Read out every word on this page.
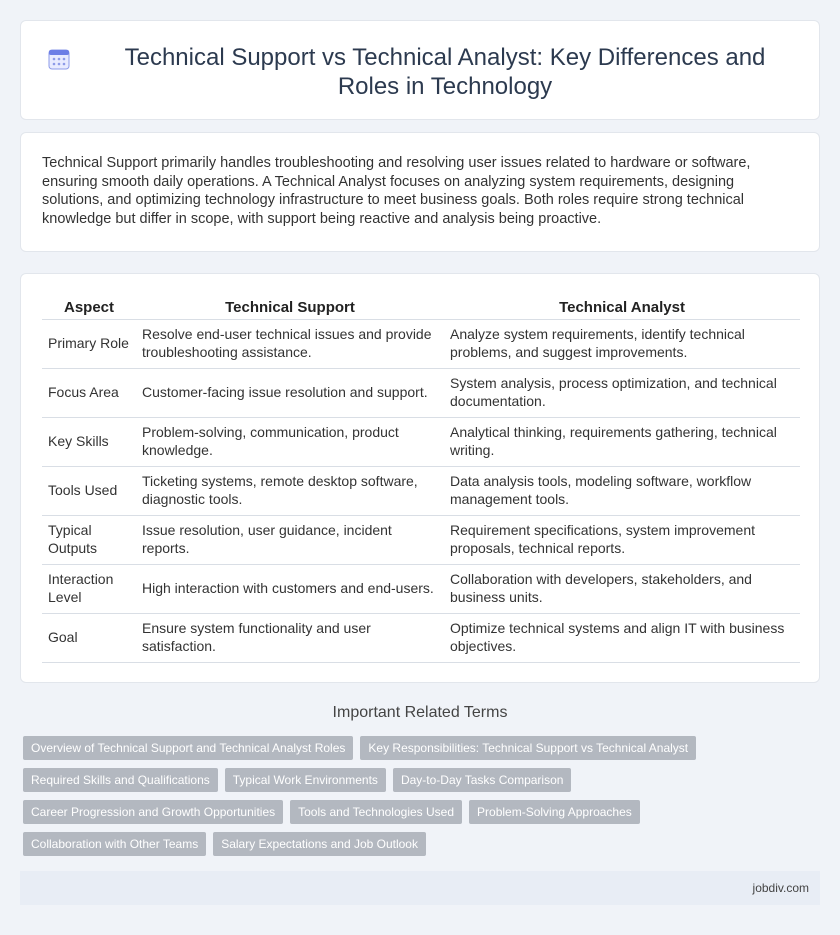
Technical Support vs Technical Analyst: Key Differences and Roles in Technology

Technical Support primarily handles troubleshooting and resolving user issues related to hardware or software, ensuring smooth daily operations. A Technical Analyst focuses on analyzing system requirements, designing solutions, and optimizing technology infrastructure to meet business goals. Both roles require strong technical knowledge but differ in scope, with support being reactive and analysis being proactive.

Aspect	Technical Support	Technical Analyst
Primary Role	Resolve end-user technical issues and provide troubleshooting assistance.	Analyze system requirements, identify technical problems, and suggest improvements.
Focus Area	Customer-facing issue resolution and support.	System analysis, process optimization, and technical documentation.
Key Skills	Problem-solving, communication, product knowledge.	Analytical thinking, requirements gathering, technical writing.
Tools Used	Ticketing systems, remote desktop software, diagnostic tools.	Data analysis tools, modeling software, workflow management tools.
Typical Outputs	Issue resolution, user guidance, incident reports.	Requirement specifications, system improvement proposals, technical reports.
Interaction Level	High interaction with customers and end-users.	Collaboration with developers, stakeholders, and business units.
Goal	Ensure system functionality and user satisfaction.	Optimize technical systems and align IT with business objectives.
Important Related Terms
Overview of Technical Support and Technical Analyst Roles	Key Responsibilities: Technical Support vs Technical Analyst
Required Skills and Qualifications	Typical Work Environments	Day-to-Day Tasks Comparison
Career Progression and Growth Opportunities	Tools and Technologies Used	Problem-Solving Approaches
Collaboration with Other Teams	Salary Expectations and Job Outlook
jobdiv.com
